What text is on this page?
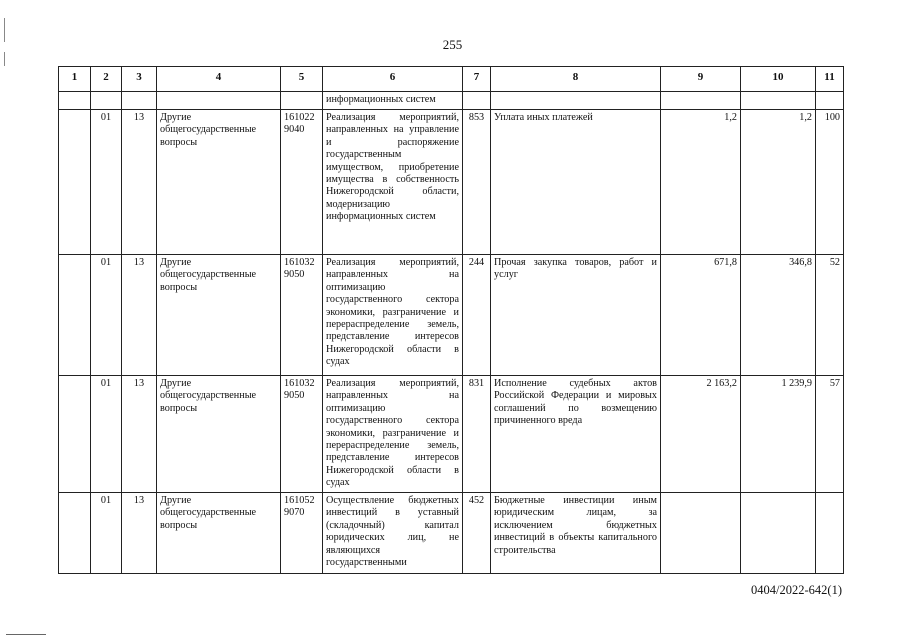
255
1	2	3	4	5	6	7	8	9	10	11
					информационных систем					
	01	13	Другие общегосударственные вопросы	161022 9040	Реализация мероприятий, направленных на управление и распоряжение государственным имуществом, приобретение имущества в собственность Нижегородской области, модернизацию информационных систем	853	Уплата иных платежей	1,2	1,2	100
	01	13	Другие общегосударственные вопросы	161032 9050	Реализация мероприятий, направленных на оптимизацию государственного сектора экономики, разграничение и перераспределение земель, представление интересов Нижегородской области в судах	244	Прочая закупка товаров, работ и услуг	671,8	346,8	52
	01	13	Другие общегосударственные вопросы	161032 9050	Реализация мероприятий, направленных на оптимизацию государственного сектора экономики, разграничение и перераспределение земель, представление интересов Нижегородской области в судах	831	Исполнение судебных актов Российской Федерации и мировых соглашений по возмещению причиненного вреда	2 163,2	1 239,9	57
	01	13	Другие общегосударственные вопросы	161052 9070	Осуществление бюджетных инвестиций в уставный (складочный) капитал юридических лиц, не являющихся государственными	452	Бюджетные инвестиции иным юридическим лицам, за исключением бюджетных инвестиций в объекты капитального строительства			
0404/2022-642(1)
